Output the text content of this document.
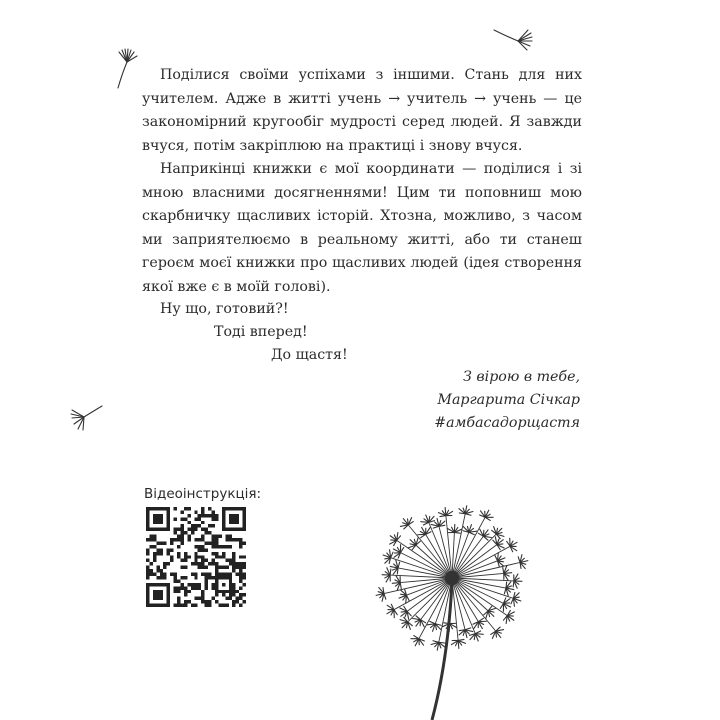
Поділися своїми успіхами з іншими. Стань для них учителем. Адже в житті учень → учитель → учень — це закономірний кругообіг мудрості серед людей. Я завжди вчуся, потім закріплюю на практиці і знову вчуся.

Наприкінці книжки є мої координати — поділися і зі мною власними досягненнями! Цим ти поповниш мою скарбничку щасливих історій. Хтозна, можливо, з часом ми заприятелюємо в реальному житті, або ти станеш героєм моєї книжки про щасливих людей (ідея створення якої вже є в моїй голові).

Ну що, готовий?!
Тоді вперед!
До щастя!
З вірою в тебе,
Маргарита Січкар
#амбасадорщастя
Відеоінструкція:
